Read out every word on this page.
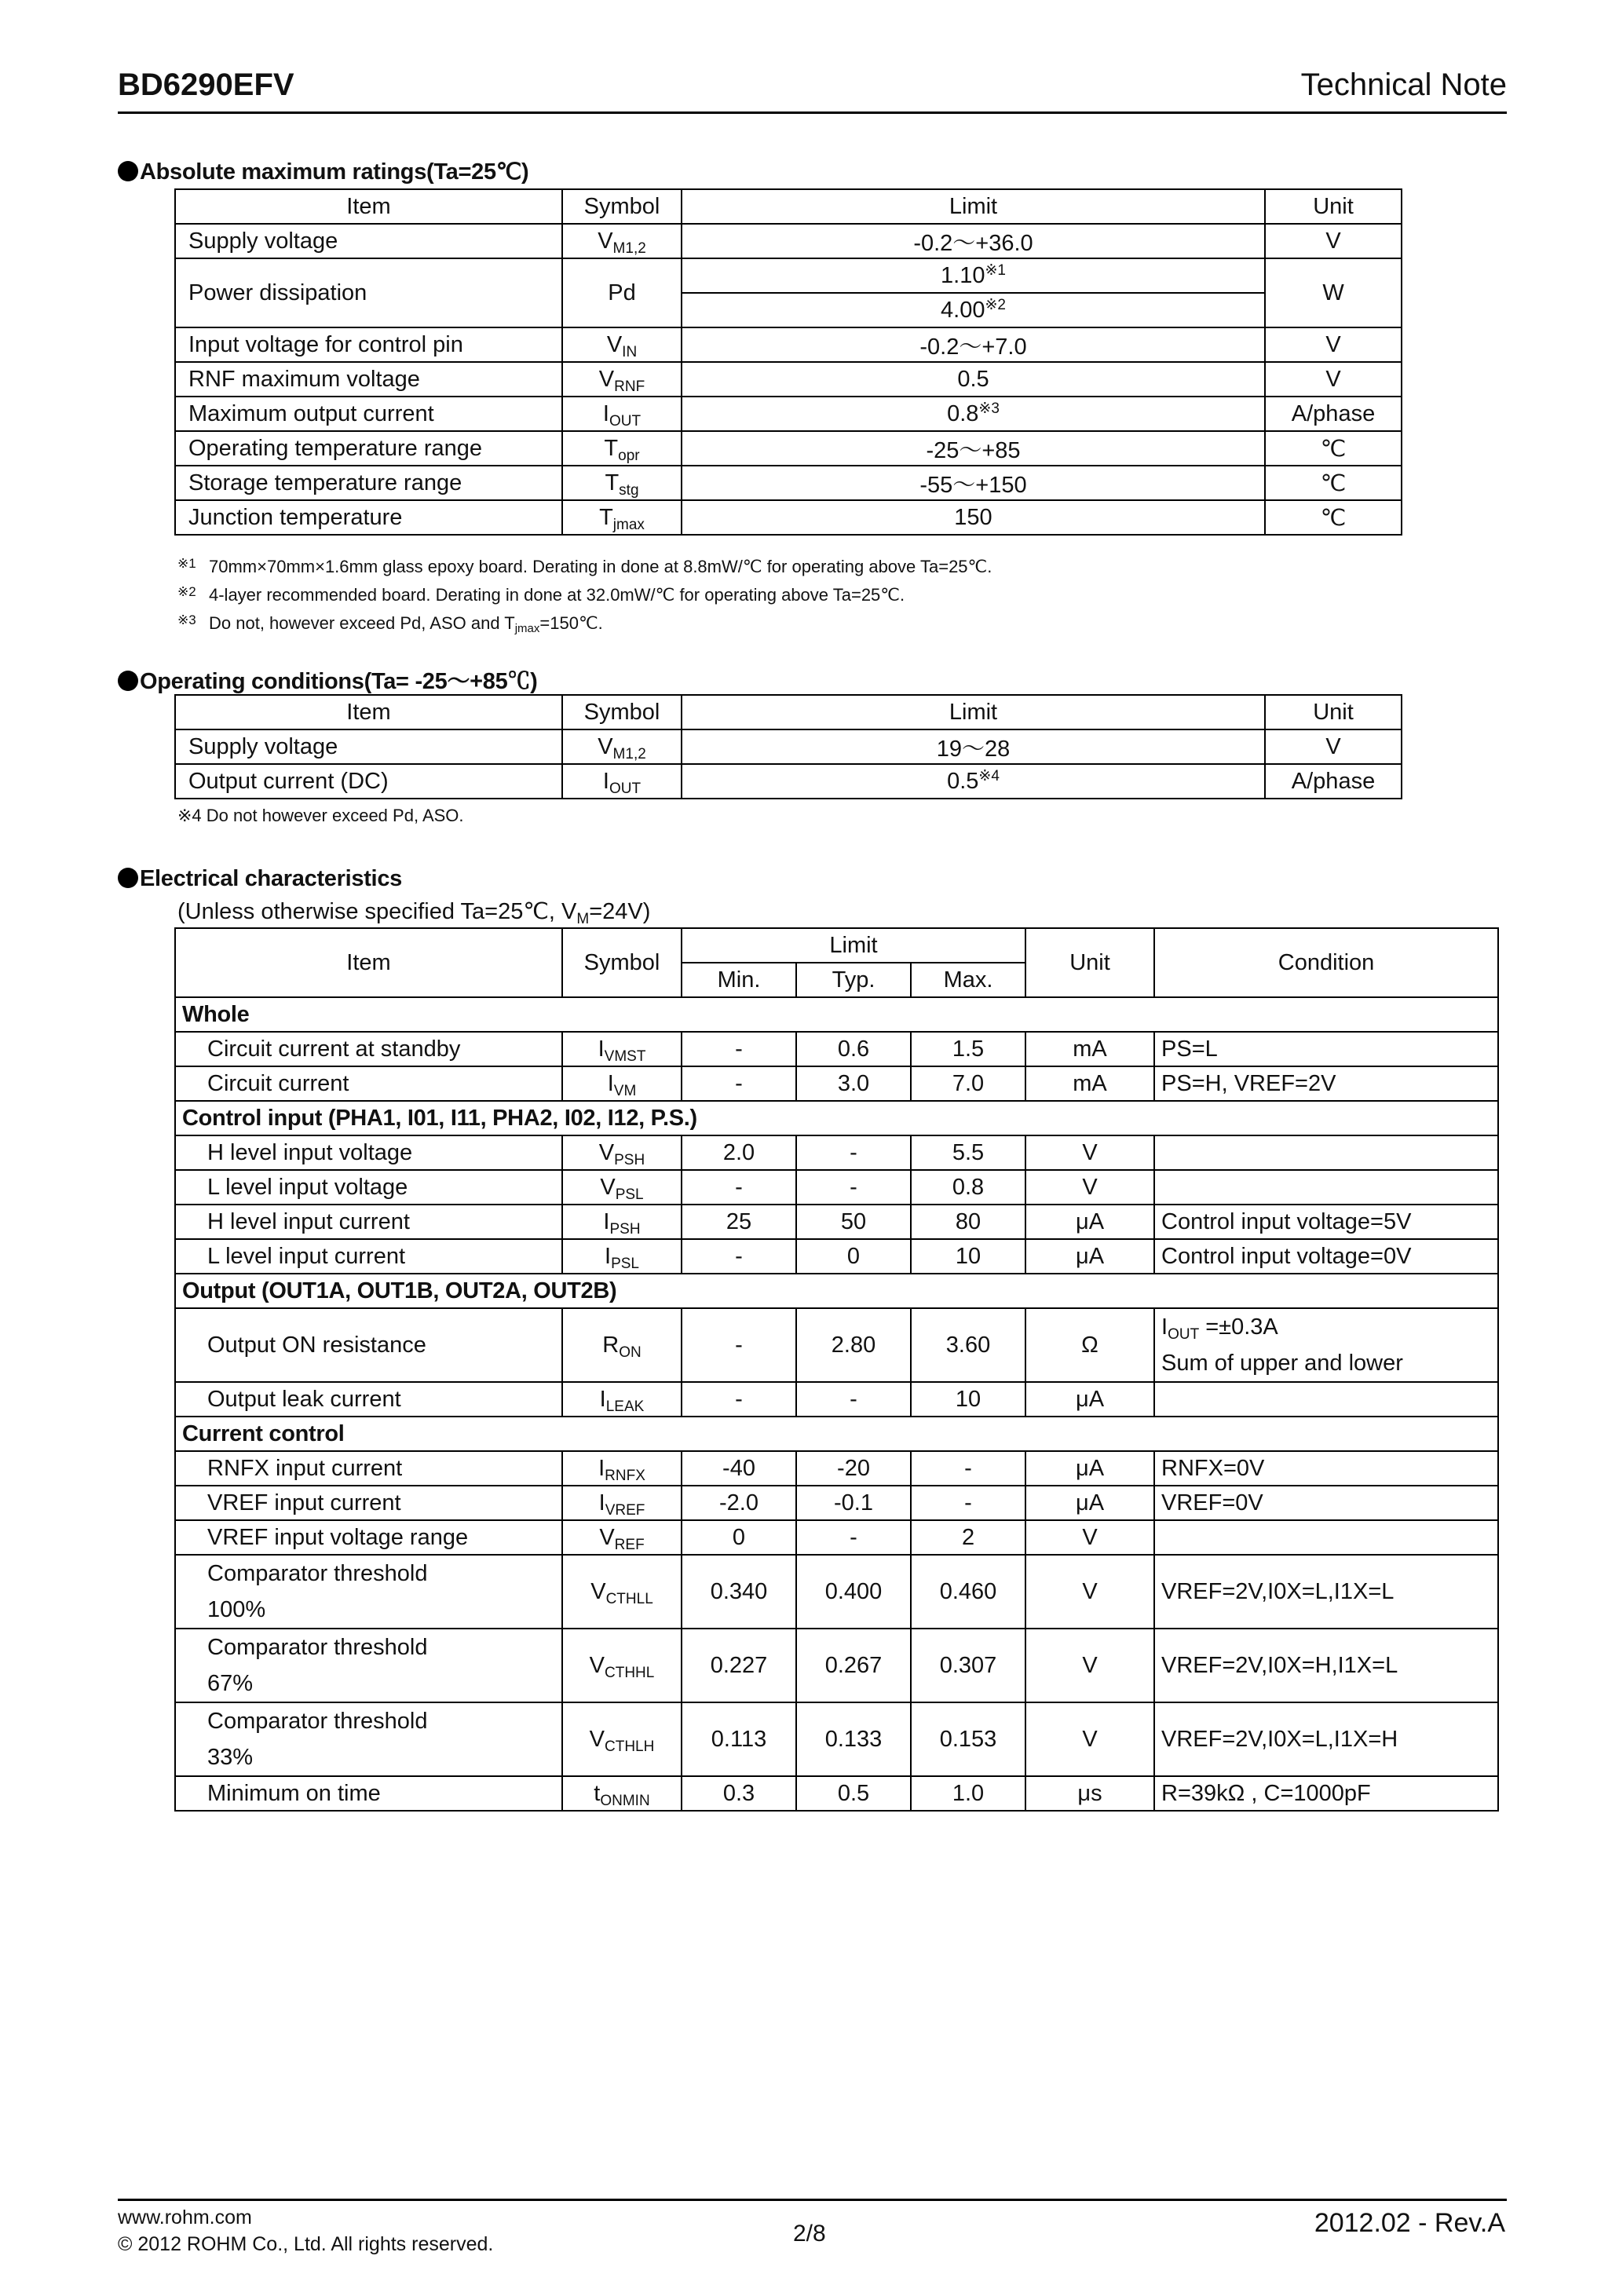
BD6290EFV	Technical Note
Absolute maximum ratings(Ta=25℃)
Item	Symbol	Limit	Unit
Supply voltage	$V_{M1,2}$	-0.2～+36.0	V
Power dissipation	Pd	1.10$^{※1}$	W
		4.00$^{※2}$
Input voltage for control pin	$V_{IN}$	-0.2～+7.0	V
RNF maximum voltage	$V_{RNF}$	0.5	V
Maximum output current	$I_{OUT}$	0.8$^{※3}$	A/phase
Operating temperature range	$T_{opr}$	-25～+85	℃
Storage temperature range	$T_{stg}$	-55～+150	℃
Junction temperature	$T_{jmax}$	150	℃
※1 70mm×70mm×1.6mm glass epoxy board. Derating in done at 8.8mW/℃ for operating above Ta=25℃.
※2 4-layer recommended board. Derating in done at 32.0mW/℃ for operating above Ta=25℃.
※3 Do not, however exceed Pd, ASO and $T_{jmax}=150℃$.
Operating conditions(Ta= -25～+85℃)
Item	Symbol	Limit	Unit
Supply voltage	$V_{M1,2}$	19～28	V
Output current (DC)	$I_{OUT}$	0.5$^{※4}$	A/phase
※4 Do not however exceed Pd, ASO.
Electrical characteristics
(Unless otherwise specified Ta=25℃, $V_M=24V$)
Item	Symbol	Limit			Unit	Condition
		Min.	Typ.	Max.		
Whole						
Circuit current at standby	$I_{VMST}$	-	0.6	1.5	mA	PS=L
Circuit current	$I_{VM}$	-	3.0	7.0	mA	PS=H, VREF=2V
Control input (PHA1, I01, I11, PHA2, I02, I12, P.S.)						
H level input voltage	$V_{PSH}$	2.0	-	5.5	V	
L level input voltage	$V_{PSL}$	-	-	0.8	V	
H level input current	$I_{PSH}$	25	50	80	μA	Control input voltage=5V
L level input current	$I_{PSL}$	-	0	10	μA	Control input voltage=0V
Output (OUT1A, OUT1B, OUT2A, OUT2B)						
Output ON resistance	$R_{ON}$	-	2.80	3.60	Ω	$I_{OUT} =\pm 0.3A$
Sum of upper and lower

Output leak current	$I_{LEAK}$	-	-	10	μA	
Current control						
RNFX input current	$I_{RNFX}$	-40	-20	-	μA	RNFX=0V
VREF input current	$I_{VREF}$	-2.0	-0.1	-	μA	VREF=0V
VREF input voltage range	$V_{REF}$	0	-	2	V	

Comparator threshold
100%	$V_{CTHLL}$	0.340	0.400	0.460	V	VREF=2V,I0X=L,I1X=L

Comparator threshold
67%	$V_{CTHHL}$	0.227	0.267	0.307	V	VREF=2V,I0X=H,I1X=L

Comparator threshold
33%	$V_{CTHLH}$	0.113	0.133	0.153	V	VREF=2V,I0X=L,I1X=H
Minimum on time	$t_{ONMIN}$	0.3	0.5	1.0	μs	R=39kΩ , C=1000pF
www.rohm.com
© 2012 ROHM Co., Ltd. All rights reserved.	2/8	2012.02 - Rev.A
